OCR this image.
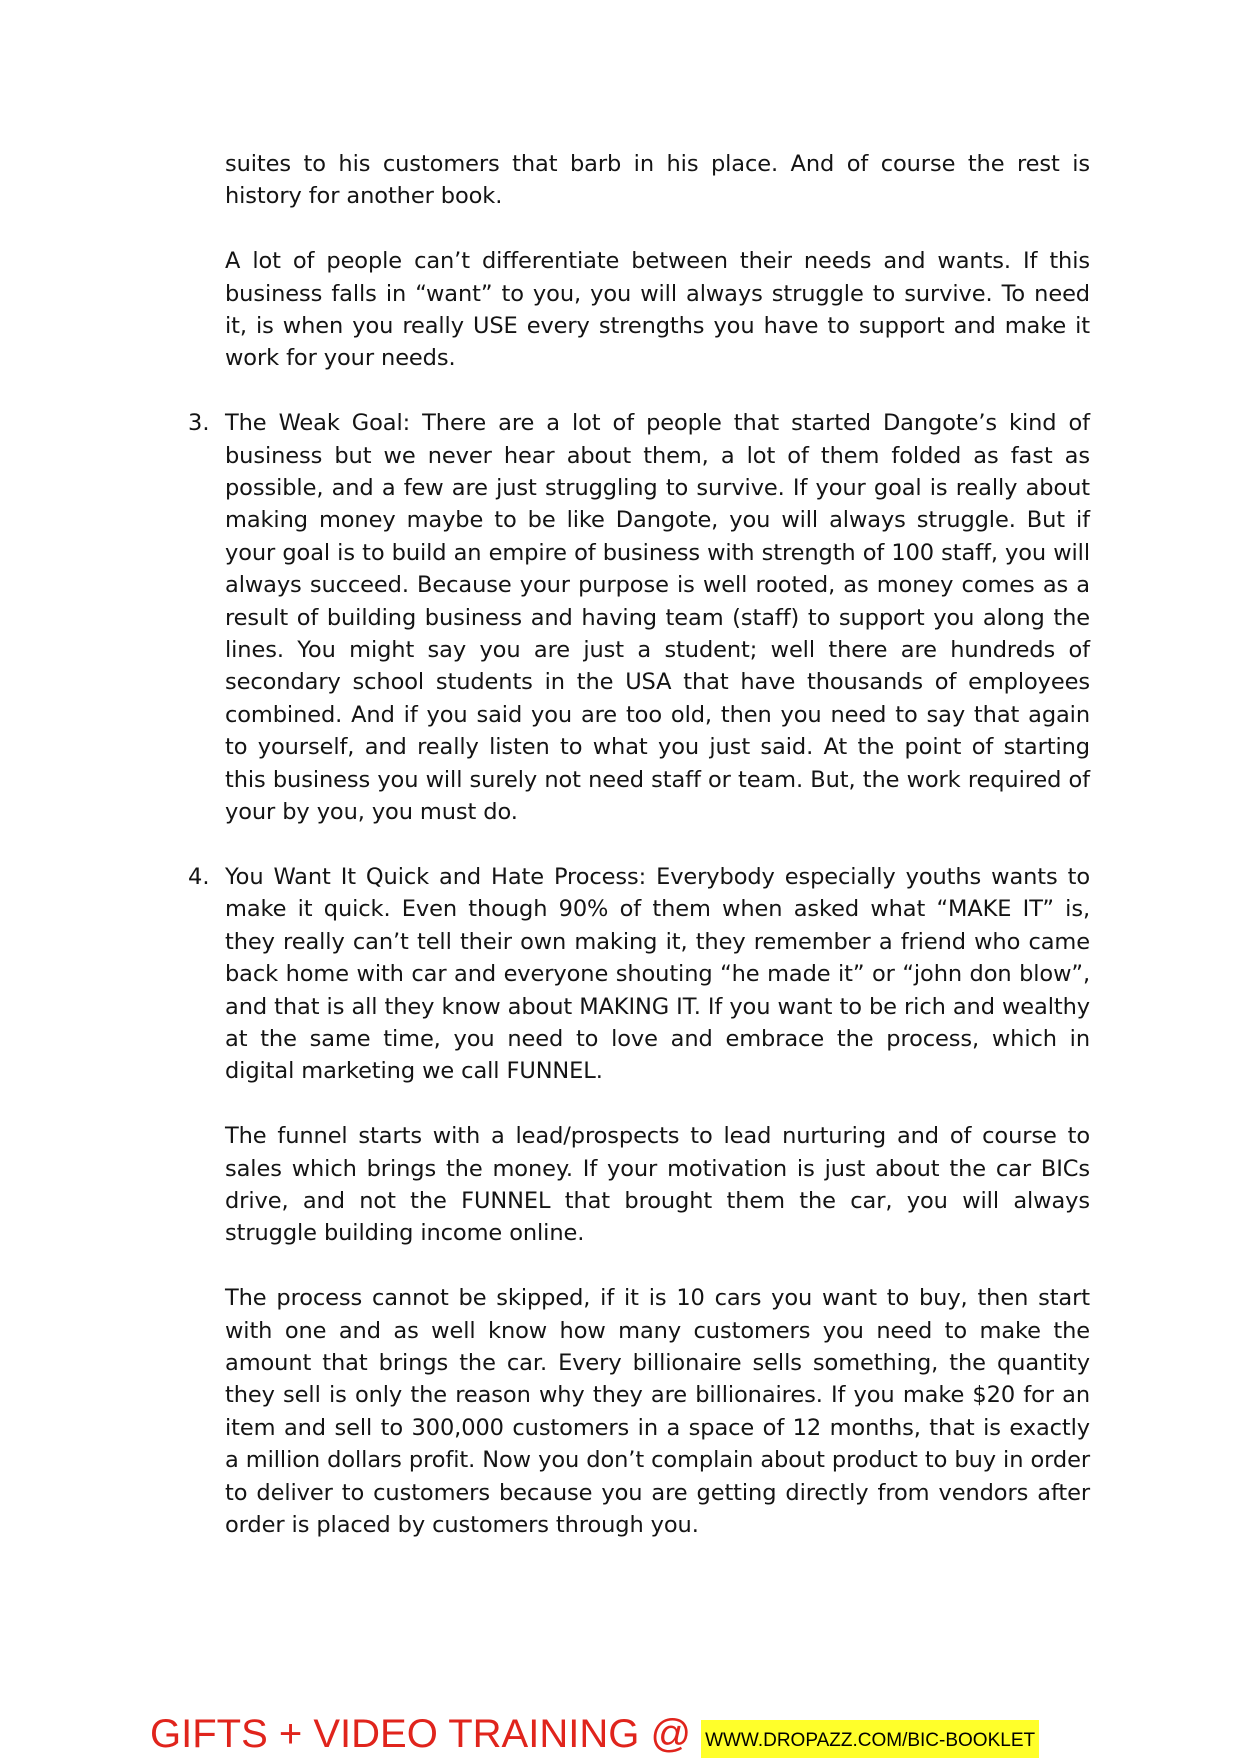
suites to his customers that barb in his place. And of course the rest is history for another book.

A lot of people can’t differentiate between their needs and wants. If this business falls in “want” to you, you will always struggle to survive. To need it, is when you really USE every strengths you have to support and make it work for your needs.

3. The Weak Goal: There are a lot of people that started Dangote’s kind of business but we never hear about them, a lot of them folded as fast as possible, and a few are just struggling to survive. If your goal is really about making money maybe to be like Dangote, you will always struggle. But if your goal is to build an empire of business with strength of 100 staff, you will always succeed. Because your purpose is well rooted, as money comes as a result of building business and having team (staff) to support you along the lines. You might say you are just a student; well there are hundreds of secondary school students in the USA that have thousands of employees combined. And if you said you are too old, then you need to say that again to yourself, and really listen to what you just said. At the point of starting this business you will surely not need staff or team. But, the work required of your by you, you must do.

4. You Want It Quick and Hate Process: Everybody especially youths wants to make it quick. Even though 90% of them when asked what “MAKE IT” is, they really can’t tell their own making it, they remember a friend who came back home with car and everyone shouting “he made it” or “john don blow”, and that is all they know about MAKING IT. If you want to be rich and wealthy at the same time, you need to love and embrace the process, which in digital marketing we call FUNNEL.

The funnel starts with a lead/prospects to lead nurturing and of course to sales which brings the money. If your motivation is just about the car BICs drive, and not the FUNNEL that brought them the car, you will always struggle building income online.

The process cannot be skipped, if it is 10 cars you want to buy, then start with one and as well know how many customers you need to make the amount that brings the car. Every billionaire sells something, the quantity they sell is only the reason why they are billionaires. If you make $20 for an item and sell to 300,000 customers in a space of 12 months, that is exactly a million dollars profit. Now you don’t complain about product to buy in order to deliver to customers because you are getting directly from vendors after order is placed by customers through you.

GIFTS + VIDEO TRAINING @ WWW.DROPAZZ.COM/BIC-BOOKLET
